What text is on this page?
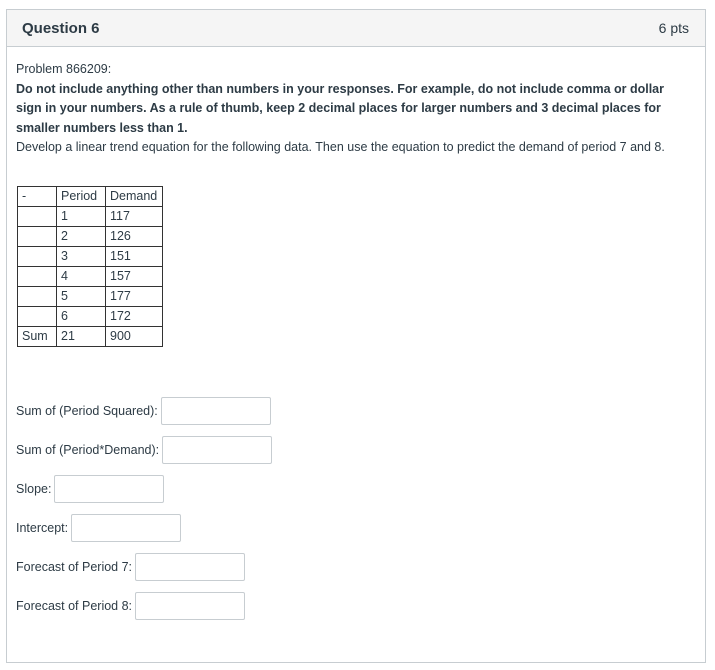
Question 6	6 pts

Problem 866209:

Do not include anything other than numbers in your responses. For example, do not include comma or dollar sign in your numbers. As a rule of thumb, keep 2 decimal places for larger numbers and 3 decimal places for smaller numbers less than 1.

Develop a linear trend equation for the following data. Then use the equation to predict the demand of period 7 and 8.

-	Period	Demand
	1	117
	2	126
	3	151
	4	157
	5	177
	6	172
Sum	21	900
Sum of (Period Squared):
Sum of (Period*Demand):
Slope:
Intercept:
Forecast of Period 7:
Forecast of Period 8:
